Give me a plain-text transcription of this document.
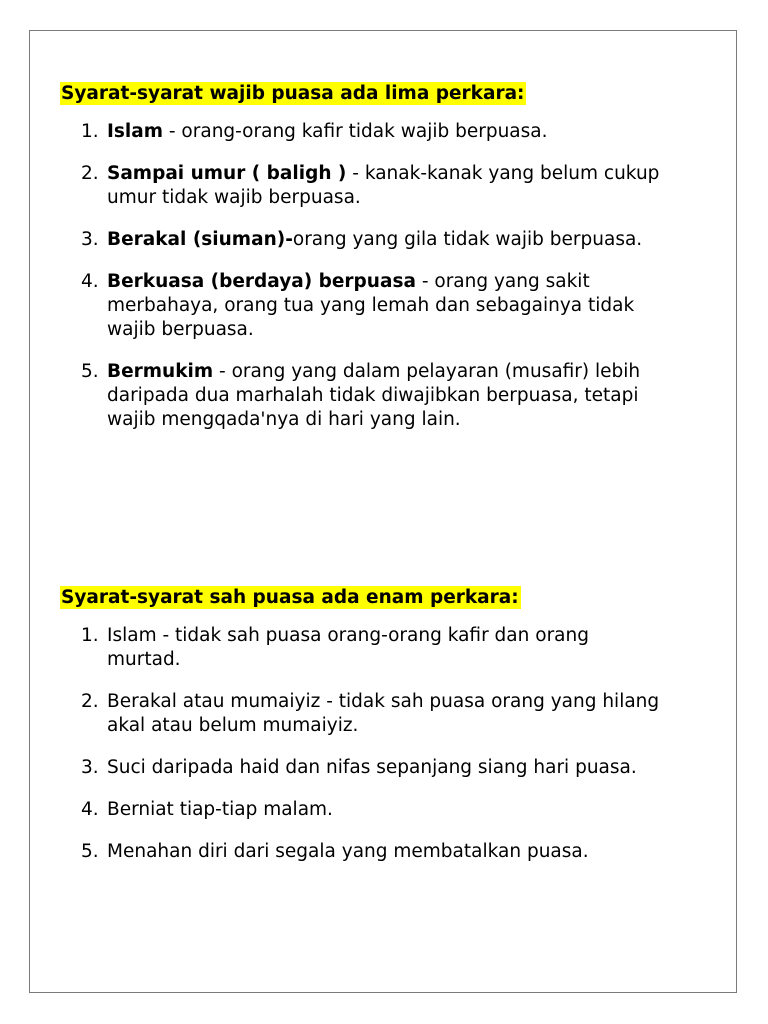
Syarat-syarat wajib puasa ada lima perkara:
1. Islam - orang-orang kafir tidak wajib berpuasa.
2. Sampai umur ( baligh ) - kanak-kanak yang belum cukup umur tidak wajib berpuasa.
3. Berakal (siuman)-orang yang gila tidak wajib berpuasa.
4. Berkuasa (berdaya) berpuasa - orang yang sakit merbahaya, orang tua yang lemah dan sebagainya tidak wajib berpuasa.
5. Bermukim - orang yang dalam pelayaran (musafir) lebih daripada dua marhalah tidak diwajibkan berpuasa, tetapi wajib mengqada'nya di hari yang lain.
Syarat-syarat sah puasa ada enam perkara:
1. Islam - tidak sah puasa orang-orang kafir dan orang murtad.
2. Berakal atau mumaiyiz - tidak sah puasa orang yang hilang akal atau belum mumaiyiz.
3. Suci daripada haid dan nifas sepanjang siang hari puasa.
4. Berniat tiap-tiap malam.
5. Menahan diri dari segala yang membatalkan puasa.
